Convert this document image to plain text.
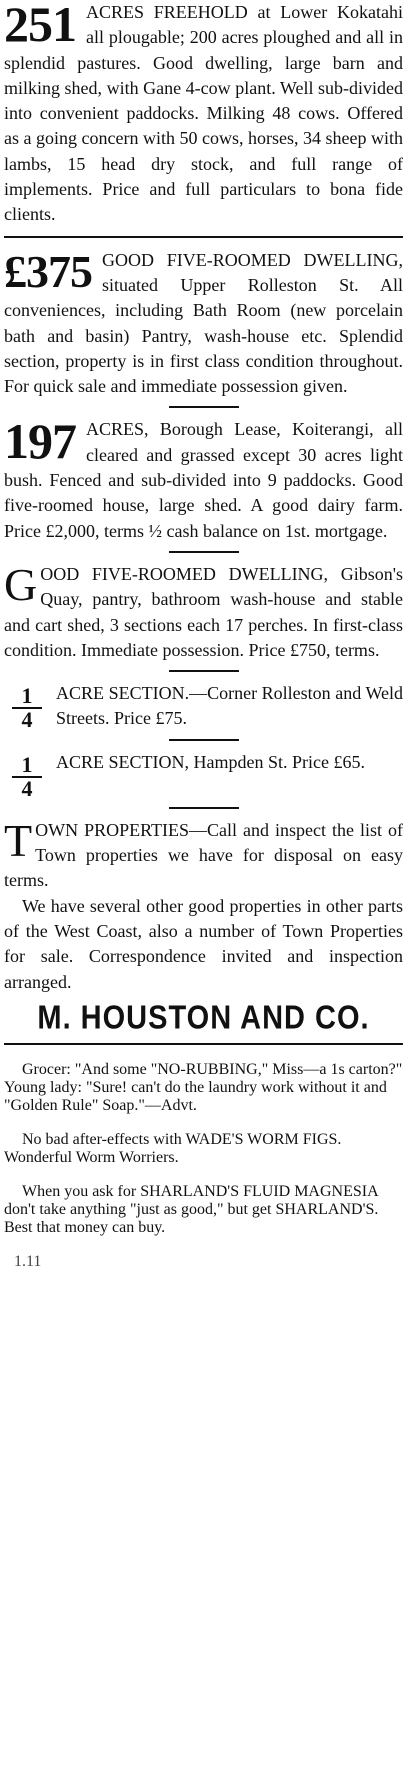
251 ACRES FREEHOLD at Lower Kokatahi all plougable; 200 acres ploughed and all in splendid pastures. Good dwelling, large barn and milking shed, with Gane 4-cow plant. Well sub-divided into convenient paddocks. Milking 48 cows. Offered as a going concern with 50 cows, horses, 34 sheep with lambs, 15 head dry stock, and full range of implements. Price and full particulars to bona fide clients.

£375 GOOD FIVE-ROOMED DWELLING, situated Upper Rolleston St. All conveniences, including Bath Room (new porcelain bath and basin) Pantry, wash-house etc. Splendid section, property is in first class condition throughout. For quick sale and immediate possession given.

197 ACRES, Borough Lease, Koiterangi, all cleared and grassed except 30 acres light bush. Fenced and sub-divided into 9 paddocks. Good five-roomed house, large shed. A good dairy farm. Price £2,000, terms ½ cash balance on 1st. mortgage.

G OOD FIVE-ROOMED DWELLING, Gibson's Quay, pantry, bathroom wash-house and stable and cart shed, 3 sections each 17 perches. In first-class condition. Immediate possession. Price £750, terms.

$\frac{1}{4}$ ACRE SECTION.—Corner Rolleston and Weld Streets. Price £75.

$\frac{1}{4}$ ACRE SECTION, Hampden St. Price £65.

T OWN PROPERTIES—Call and inspect the list of Town properties we have for disposal on easy terms.

We have several other good properties in other parts of the West Coast, also a number of Town Properties for sale. Correspondence invited and inspection arranged.

M. HOUSTON AND CO.

Grocer: "And some "NO-RUBBING," Miss—a 1s carton?" Young lady: "Sure! can't do the laundry work without it and "Golden Rule" Soap."—Advt.

No bad after-effects with WADE'S WORM FIGS. Wonderful Worm Worriers.

When you ask for SHARLAND'S FLUID MAGNESIA don't take anything "just as good," but get SHARLAND'S. Best that money can buy.

1.11
